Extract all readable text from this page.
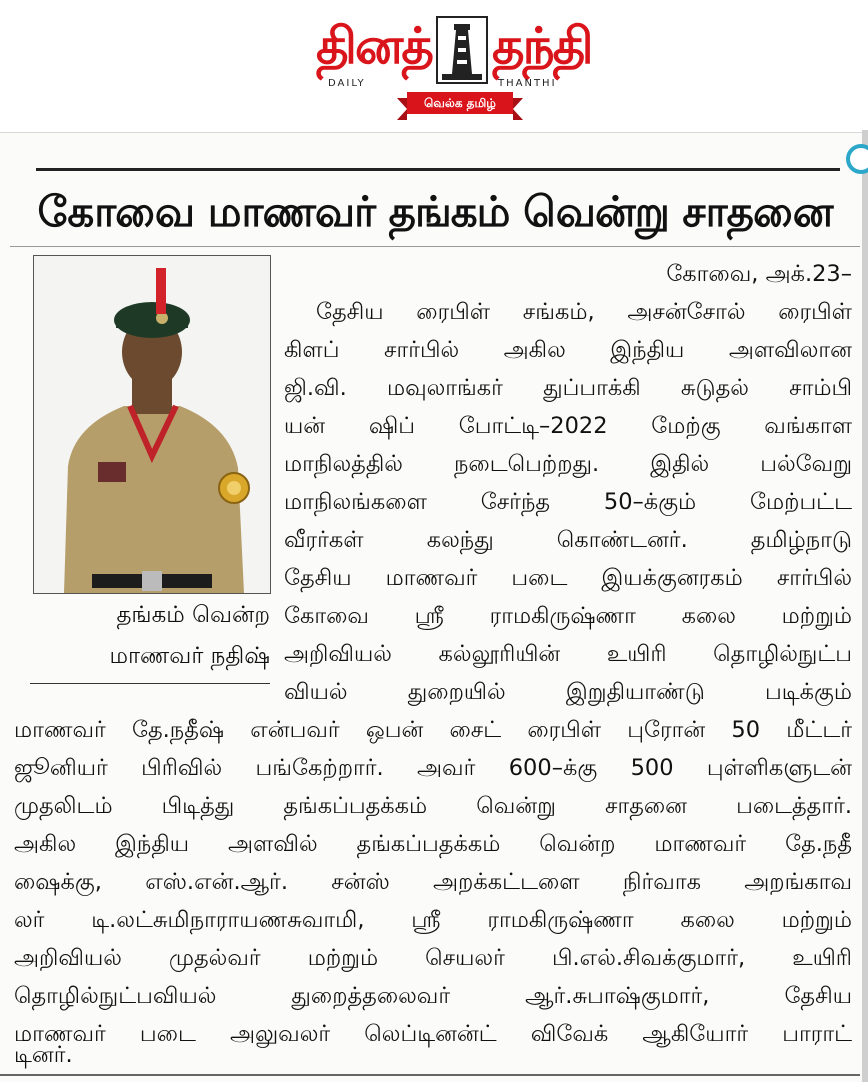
தினத் தந்தி
DAILY	THANTHI
வெல்க தமிழ்
கோவை மாணவர் தங்கம் வென்று சாதனை
தங்கம் வென்ற
மாணவர் நதிஷ்
கோவை, அக்.23–
தேசிய ரைபிள் சங்கம், அசன்சோல் ரைபிள்
கிளப் சார்பில் அகில இந்திய அளவிலான
ஜி.வி. மவுலாங்கர் துப்பாக்கி சுடுதல் சாம்பி
யன் ஷிப் போட்டி–2022 மேற்கு வங்காள
மாநிலத்தில் நடைபெற்றது. இதில் பல்வேறு
மாநிலங்களை சேர்ந்த 50–க்கும் மேற்பட்ட
வீரர்கள் கலந்து கொண்டனர். தமிழ்நாடு
தேசிய மாணவர் படை இயக்குனரகம் சார்பில்
கோவை ஸ்ரீ ராமகிருஷ்ணா கலை மற்றும்
அறிவியல் கல்லூரியின் உயிரி தொழில்நுட்ப
வியல் துறையில் இறுதியாண்டு படிக்கும்
மாணவர் தே.நதீஷ் என்பவர் ஒபன் சைட் ரைபிள் புரோன் 50 மீட்டர்
ஜூனியர் பிரிவில் பங்கேற்றார். அவர் 600–க்கு 500 புள்ளிகளுடன்
முதலிடம் பிடித்து தங்கப்பதக்கம் வென்று சாதனை படைத்தார்.
அகில இந்திய அளவில் தங்கப்பதக்கம் வென்ற மாணவர் தே.நதீ
ஷைக்கு, எஸ்.என்.ஆர். சன்ஸ் அறக்கட்டளை நிர்வாக அறங்காவ
லர் டி.லட்சுமிநாராயணசுவாமி, ஸ்ரீ ராமகிருஷ்ணா கலை மற்றும்
அறிவியல் முதல்வர் மற்றும் செயலர் பி.எல்.சிவக்குமார், உயிரி
தொழில்நுட்பவியல் துறைத்தலைவர் ஆர்.சுபாஷ்குமார், தேசிய
மாணவர் படை அலுவலர் லெப்டினன்ட் விவேக் ஆகியோர் பாராட்
டினர்.
